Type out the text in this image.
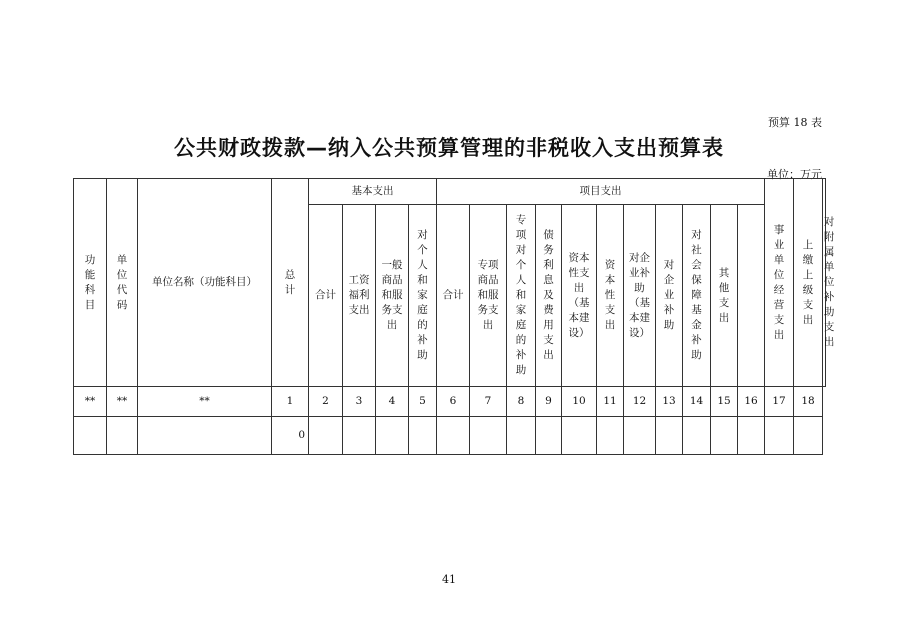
预算 18 表
公共财政拨款—纳入公共预算管理的非税收入支出预算表
单位：万元
功能科目	单位代码	单位名称（功能科目）	总计	基本支出				项目支出											事业单位经营支出	上缴上级支出	对附属单位补助支出
				合计	工资福利支出	一般商品和服务支出	对个人和家庭的补助	合计	专项商品和服务支出	专项对个人和家庭的补助	债务利息及费用支出	资本性支出（基本建设）	资本性支出	对企业补助（基本建设）	对企业补助	对社会保障基金补助	其他支出				
**	**	**	1	2	3	4	5	6	7	8	9	10	11	12	13	14	15	16	17	18	
			0																		
41
